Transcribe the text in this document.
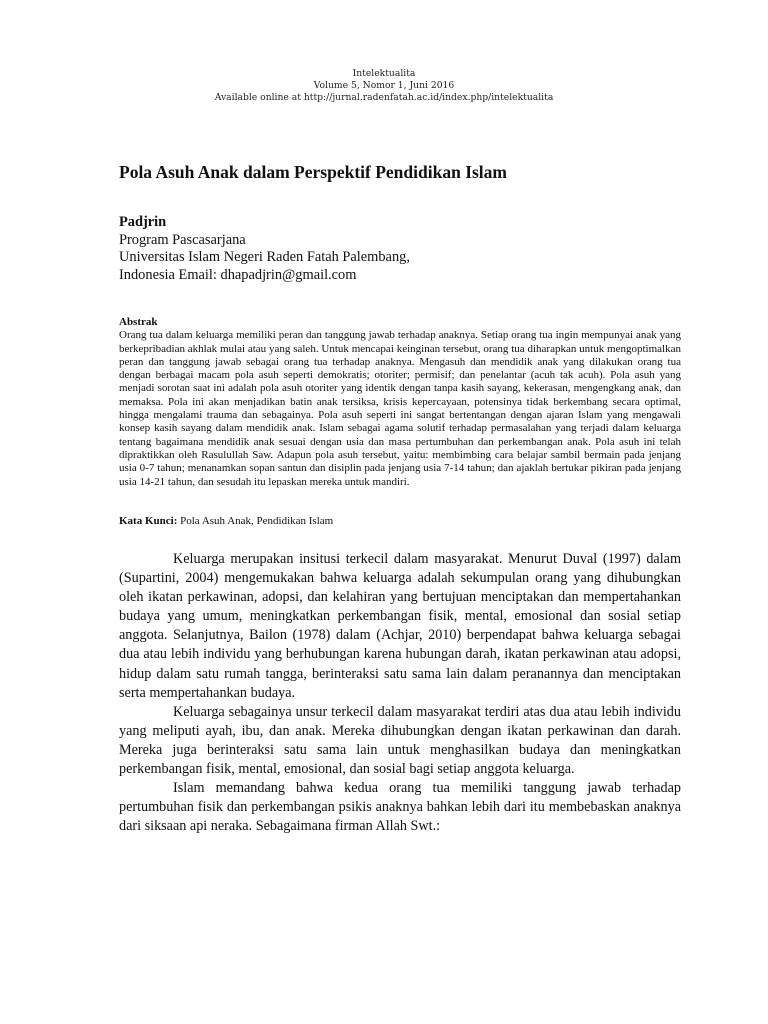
Intelektualita
Volume 5, Nomor 1, Juni 2016
Available online at http://jurnal.radenfatah.ac.id/index.php/intelektualita
Pola Asuh Anak dalam Perspektif Pendidikan Islam
Padjrin
Program Pascasarjana
Universitas Islam Negeri Raden Fatah Palembang,
Indonesia Email: dhapadjrin@gmail.com
Abstrak

Orang tua dalam keluarga memiliki peran dan tanggung jawab terhadap anaknya. Setiap orang tua ingin mempunyai anak yang berkepribadian akhlak mulai atau yang saleh. Untuk mencapai keinginan tersebut, orang tua diharapkan untuk mengoptimalkan peran dan tanggung jawab sebagai orang tua terhadap anaknya. Mengasuh dan mendidik anak yang dilakukan orang tua dengan berbagai macam pola asuh seperti demokratis; otoriter; permisif; dan penelantar (acuh tak acuh). Pola asuh yang menjadi sorotan saat ini adalah pola asuh otoriter yang identik dengan tanpa kasih sayang, kekerasan, mengengkang anak, dan memaksa. Pola ini akan menjadikan batin anak tersiksa, krisis kepercayaan, potensinya tidak berkembang secara optimal, hingga mengalami trauma dan sebagainya. Pola asuh seperti ini sangat bertentangan dengan ajaran Islam yang mengawali konsep kasih sayang dalam mendidik anak. Islam sebagai agama solutif terhadap permasalahan yang terjadi dalam keluarga tentang bagaimana mendidik anak sesuai dengan usia dan masa pertumbuhan dan perkembangan anak. Pola asuh ini telah dipraktikkan oleh Rasulullah Saw. Adapun pola asuh tersebut, yaitu: membimbing cara belajar sambil bermain pada jenjang usia 0-7 tahun; menanamkan sopan santun dan disiplin pada jenjang usia 7-14 tahun; dan ajaklah bertukar pikiran pada jenjang usia 14-21 tahun, dan sesudah itu lepaskan mereka untuk mandiri.

Kata Kunci: Pola Asuh Anak, Pendidikan Islam

Keluarga merupakan insitusi terkecil dalam masyarakat. Menurut Duval (1997) dalam (Supartini, 2004) mengemukakan bahwa keluarga adalah sekumpulan orang yang dihubungkan oleh ikatan perkawinan, adopsi, dan kelahiran yang bertujuan menciptakan dan mempertahankan budaya yang umum, meningkatkan perkembangan fisik, mental, emosional dan sosial setiap anggota. Selanjutnya, Bailon (1978) dalam (Achjar, 2010) berpendapat bahwa keluarga sebagai dua atau lebih individu yang berhubungan karena hubungan darah, ikatan perkawinan atau adopsi, hidup dalam satu rumah tangga, berinteraksi satu sama lain dalam peranannya dan menciptakan serta mempertahankan budaya.

Keluarga sebagainya unsur terkecil dalam masyarakat terdiri atas dua atau lebih individu yang meliputi ayah, ibu, dan anak. Mereka dihubungkan dengan ikatan perkawinan dan darah. Mereka juga berinteraksi satu sama lain untuk menghasilkan budaya dan meningkatkan perkembangan fisik, mental, emosional, dan sosial bagi setiap anggota keluarga.

Islam memandang bahwa kedua orang tua memiliki tanggung jawab terhadap pertumbuhan fisik dan perkembangan psikis anaknya bahkan lebih dari itu membebaskan anaknya dari siksaan api neraka. Sebagaimana firman Allah Swt.:
